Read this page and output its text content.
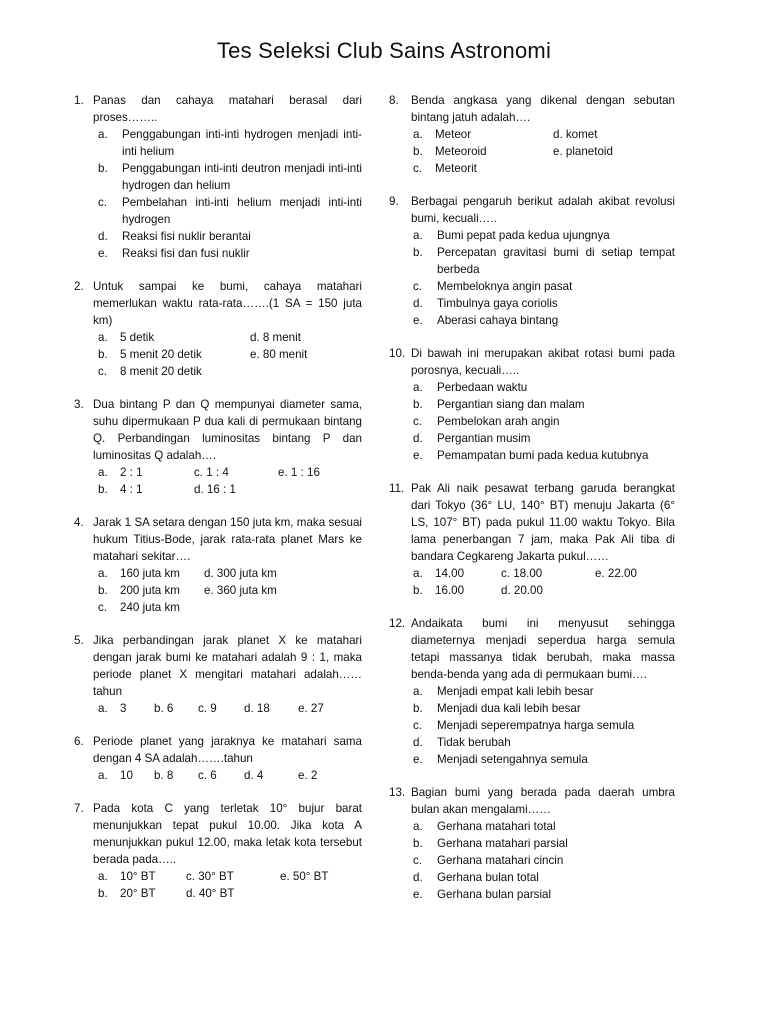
Tes Seleksi Club Sains Astronomi
1. Panas dan cahaya matahari berasal dari proses……..
a.	Penggabungan inti-inti hydrogen menjadi inti-inti helium
b.	Penggabungan inti-inti deutron menjadi inti-inti hydrogen dan helium
c.	Pembelahan inti-inti helium menjadi inti-inti hydrogen
d.	Reaksi fisi nuklir berantai
e.	Reaksi fisi dan fusi nuklir
2. Untuk sampai ke bumi, cahaya matahari memerlukan waktu rata-rata…….(1 SA = 150 juta km)
a.	5 detik	d. 8 menit
b.	5 menit 20 detik	e. 80 menit
c.	8 menit 20 detik
3. Dua bintang P dan Q mempunyai diameter sama, suhu dipermukaan P dua kali di permukaan bintang Q. Perbandingan luminositas bintang P dan luminositas Q adalah….
a.	2 : 1	c. 1 : 4	e. 1 : 16
b.	4 : 1	d. 16 : 1
4. Jarak 1 SA setara dengan 150 juta km, maka sesuai hukum Titius-Bode, jarak rata-rata planet Mars ke matahari sekitar….
a.	160 juta km	d. 300 juta km
b.	200 juta km	e. 360 juta km
c.	240 juta km
5. Jika perbandingan jarak planet X ke matahari dengan jarak bumi ke matahari adalah 9 : 1, maka periode planet X mengitari matahari adalah……tahun
a.	3	b. 6	c. 9	d. 18	e. 27
6. Periode planet yang jaraknya ke matahari sama dengan 4 SA adalah…….tahun
a.	10	b. 8	c. 6	d. 4	e. 2
7. Pada kota C yang terletak 10° bujur barat menunjukkan tepat pukul 10.00. Jika kota A menunjukkan pukul 12.00, maka letak kota tersebut berada pada…..
a.	10° BT	c. 30° BT	e. 50° BT
b.	20° BT	d. 40° BT
8.	Benda angkasa yang dikenal dengan sebutan bintang jatuh adalah….
a.	Meteor	d. komet
b.	Meteoroid	e. planetoid
c.	Meteorit
9.	Berbagai pengaruh berikut adalah akibat revolusi bumi, kecuali…..
a.	Bumi pepat pada kedua ujungnya
b.	Percepatan gravitasi bumi di setiap tempat berbeda
c.	Membeloknya angin pasat
d.	Timbulnya gaya coriolis
e.	Aberasi cahaya bintang
10. Di bawah ini merupakan akibat rotasi bumi pada porosnya, kecuali…..
a.	Perbedaan waktu
b.	Pergantian siang dan malam
c.	Pembelokan arah angin
d.	Pergantian musim
e.	Pemampatan bumi pada kedua kutubnya
11. Pak Ali naik pesawat terbang garuda berangkat dari Tokyo (36° LU, 140° BT) menuju Jakarta (6° LS, 107° BT) pada pukul 11.00 waktu Tokyo. Bila lama penerbangan 7 jam, maka Pak Ali tiba di bandara Cegkareng Jakarta pukul……
a.	14.00	c. 18.00	e. 22.00
b.	16.00	d. 20.00
12. Andaikata bumi ini menyusut sehingga diameternya menjadi seperdua harga semula tetapi massanya tidak berubah, maka massa benda-benda yang ada di permukaan bumi….
a.	Menjadi empat kali lebih besar
b.	Menjadi dua kali lebih besar
c.	Menjadi seperempatnya harga semula
d.	Tidak berubah
e.	Menjadi setengahnya semula
13. Bagian bumi yang berada pada daerah umbra bulan akan mengalami……
a.	Gerhana matahari total
b.	Gerhana matahari parsial
c.	Gerhana matahari cincin
d.	Gerhana bulan total
e.	Gerhana bulan parsial
